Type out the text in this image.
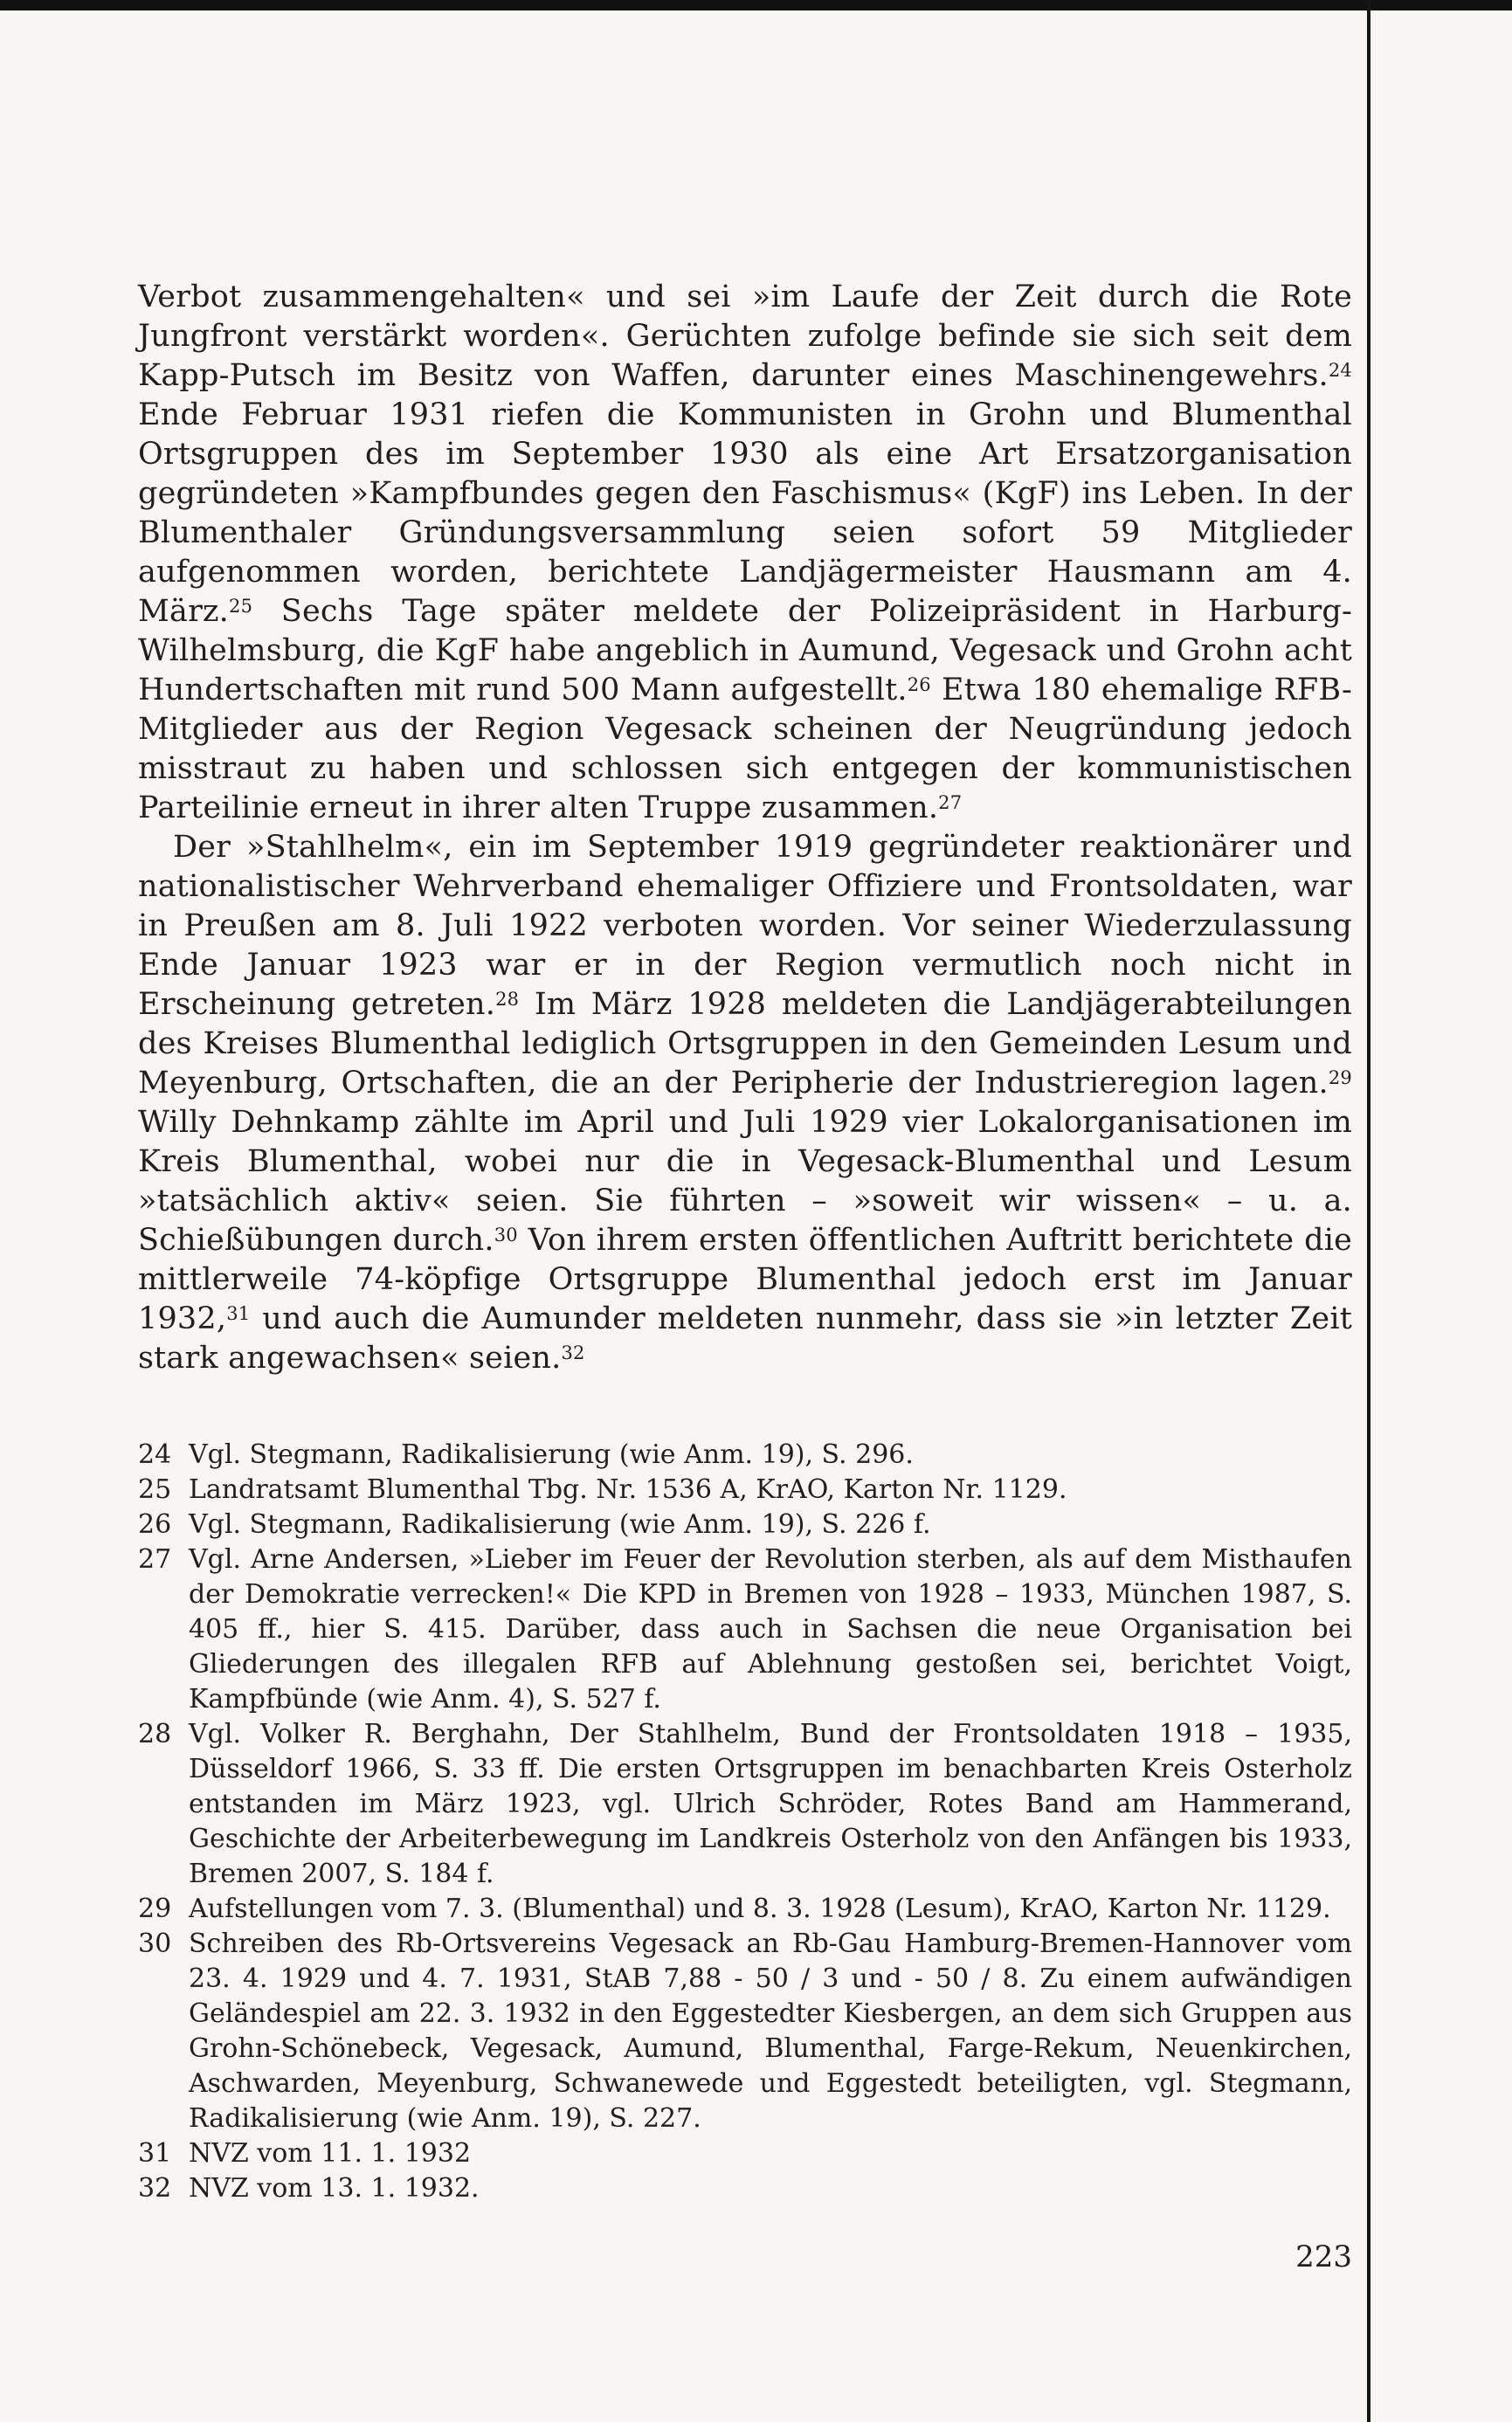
Verbot zusammengehalten« und sei »im Laufe der Zeit durch die Rote Jungfront verstärkt worden«. Gerüchten zufolge befinde sie sich seit dem Kapp-Putsch im Besitz von Waffen, darunter eines Maschinengewehrs.$^{24}$ Ende Februar 1931 riefen die Kommunisten in Grohn und Blumenthal Ortsgruppen des im September 1930 als eine Art Ersatzorganisation gegründeten »Kampfbundes gegen den Faschismus« (KgF) ins Leben. In der Blumenthaler Gründungsversammlung seien sofort 59 Mitglieder aufgenommen worden, berichtete Landjägermeister Hausmann am 4. März.$^{25}$ Sechs Tage später meldete der Polizeipräsident in Harburg-Wilhelmsburg, die KgF habe angeblich in Aumund, Vegesack und Grohn acht Hundertschaften mit rund 500 Mann aufgestellt.$^{26}$ Etwa 180 ehemalige RFB-Mitglieder aus der Region Vegesack scheinen der Neugründung jedoch misstraut zu haben und schlossen sich entgegen der kommunistischen Parteilinie erneut in ihrer alten Truppe zusammen.$^{27}$

Der »Stahlhelm«, ein im September 1919 gegründeter reaktionärer und nationalistischer Wehrverband ehemaliger Offiziere und Frontsoldaten, war in Preußen am 8. Juli 1922 verboten worden. Vor seiner Wiederzulassung Ende Januar 1923 war er in der Region vermutlich noch nicht in Erscheinung getreten.$^{28}$ Im März 1928 meldeten die Landjägerabteilungen des Kreises Blumenthal lediglich Ortsgruppen in den Gemeinden Lesum und Meyenburg, Ortschaften, die an der Peripherie der Industrieregion lagen.$^{29}$ Willy Dehnkamp zählte im April und Juli 1929 vier Lokalorganisationen im Kreis Blumenthal, wobei nur die in Vegesack-Blumenthal und Lesum »tatsächlich aktiv« seien. Sie führten – »soweit wir wissen« – u. a. Schießübungen durch.$^{30}$ Von ihrem ersten öffentlichen Auftritt berichtete die mittlerweile 74-köpfige Ortsgruppe Blumenthal jedoch erst im Januar 1932,31 und auch die Aumunder meldeten nunmehr, dass sie »in letzter Zeit stark angewachsen« seien.$^{32}$

24 Vgl. Stegmann, Radikalisierung (wie Anm. 19), S. 296.
25 Landratsamt Blumenthal Tbg. Nr. 1536 A, KrAO, Karton Nr. 1129.
26 Vgl. Stegmann, Radikalisierung (wie Anm. 19), S. 226 f.
27 Vgl. Arne Andersen, »Lieber im Feuer der Revolution sterben, als auf dem Misthaufen der Demokratie verrecken!« Die KPD in Bremen von 1928 – 1933, München 1987, S. 405 ff., hier S. 415. Darüber, dass auch in Sachsen die neue Organisation bei Gliederungen des illegalen RFB auf Ablehnung gestoßen sei, berichtet Voigt, Kampfbünde (wie Anm. 4), S. 527 f.
28 Vgl. Volker R. Berghahn, Der Stahlhelm, Bund der Frontsoldaten 1918 – 1935, Düsseldorf 1966, S. 33 ff. Die ersten Ortsgruppen im benachbarten Kreis Osterholz entstanden im März 1923, vgl. Ulrich Schröder, Rotes Band am Hammerand, Geschichte der Arbeiterbewegung im Landkreis Osterholz von den Anfängen bis 1933, Bremen 2007, S. 184 f.
29 Aufstellungen vom 7. 3. (Blumenthal) und 8. 3. 1928 (Lesum), KrAO, Karton Nr. 1129.
30 Schreiben des Rb-Ortsvereins Vegesack an Rb-Gau Hamburg-Bremen-Hannover vom 23. 4. 1929 und 4. 7. 1931, StAB 7,88 - 50 / 3 und - 50 / 8. Zu einem aufwändigen Geländespiel am 22. 3. 1932 in den Eggestedter Kiesbergen, an dem sich Gruppen aus Grohn-Schönebeck, Vegesack, Aumund, Blumenthal, Farge-Rekum, Neuenkirchen, Aschwarden, Meyenburg, Schwanewede und Eggestedt beteiligten, vgl. Stegmann, Radikalisierung (wie Anm. 19), S. 227.
31 NVZ vom 11. 1. 1932
32 NVZ vom 13. 1. 1932.
223
